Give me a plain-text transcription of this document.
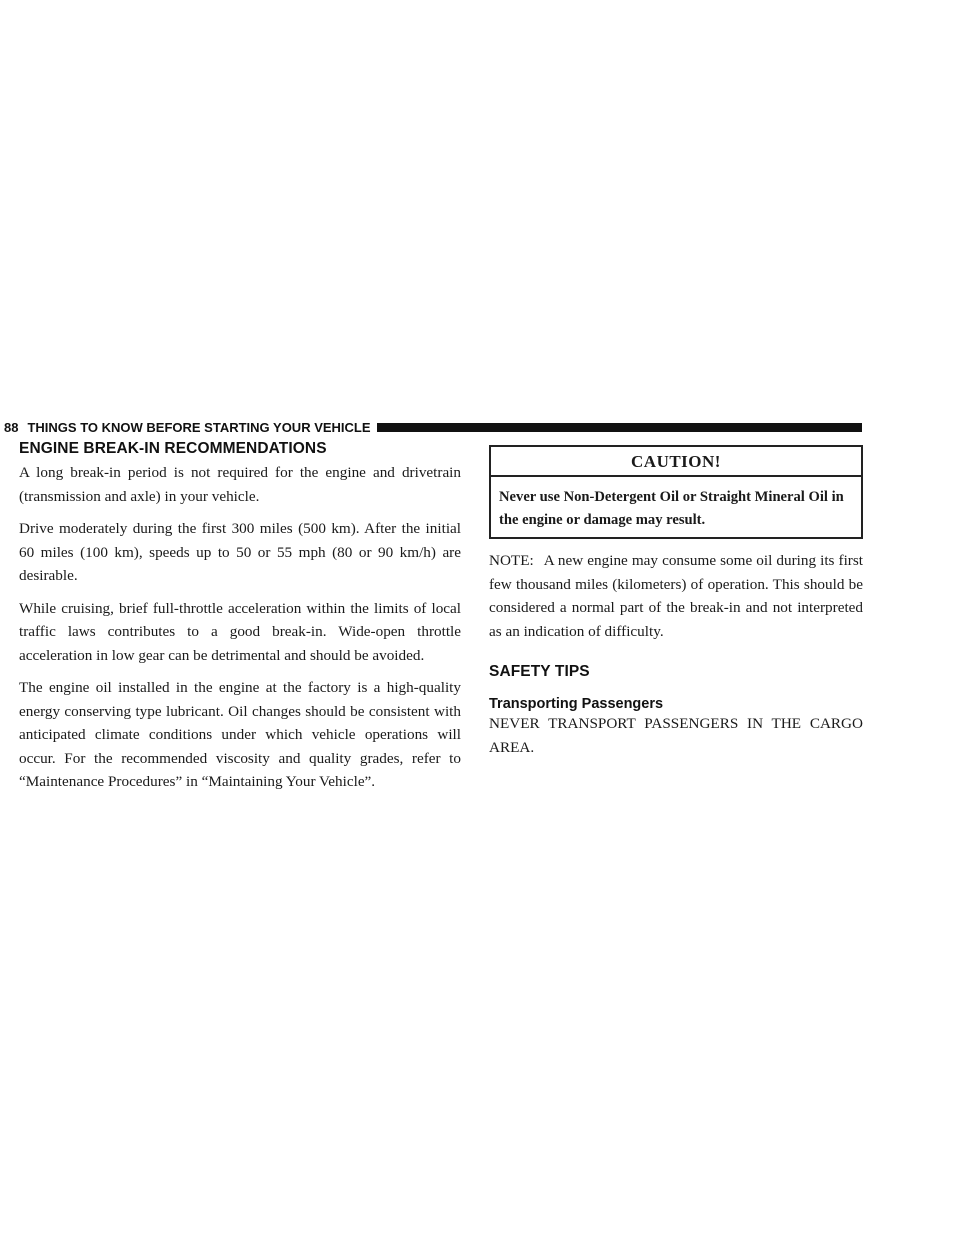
88 THINGS TO KNOW BEFORE STARTING YOUR VEHICLE
ENGINE BREAK-IN RECOMMENDATIONS

A long break-in period is not required for the engine and drivetrain (transmission and axle) in your vehicle.

Drive moderately during the first 300 miles (500 km). After the initial 60 miles (100 km), speeds up to 50 or 55 mph (80 or 90 km/h) are desirable.

While cruising, brief full-throttle acceleration within the limits of local traffic laws contributes to a good break-in. Wide-open throttle acceleration in low gear can be detrimental and should be avoided.

The engine oil installed in the engine at the factory is a high-quality energy conserving type lubricant. Oil changes should be consistent with anticipated climate conditions under which vehicle operations will occur. For the recommended viscosity and quality grades, refer to “Maintenance Procedures” in “Maintaining Your Vehicle”.

CAUTION!
Never use Non-Detergent Oil or Straight Mineral Oil in the engine or damage may result.

NOTE: A new engine may consume some oil during its first few thousand miles (kilometers) of operation. This should be considered a normal part of the break-in and not interpreted as an indication of difficulty.

SAFETY TIPS
Transporting Passengers

NEVER TRANSPORT PASSENGERS IN THE CARGO AREA.
